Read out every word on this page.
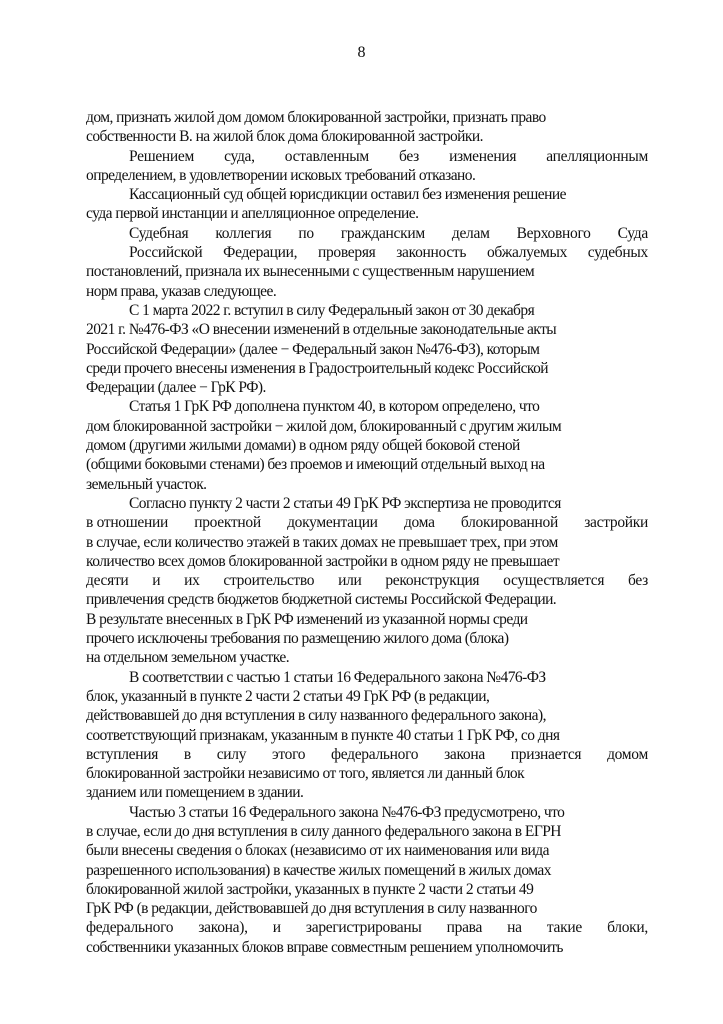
8
дом, признать жилой дом домом блокированной застройки, признать право
собственности В. на жилой блок дома блокированной застройки.
Решением суда, оставленным без изменения апелляционным
определением, в удовлетворении исковых требований отказано.
Кассационный суд общей юрисдикции оставил без изменения решение
суда первой инстанции и апелляционное определение.
Судебная коллегия по гражданским делам Верховного Суда
Российской Федерации, проверяя законность обжалуемых судебных
постановлений, признала их вынесенными с существенным нарушением
норм права, указав следующее.
С 1 марта 2022 г. вступил в силу Федеральный закон от 30 декабря
2021 г. №476-ФЗ «О внесении изменений в отдельные законодательные акты
Российской Федерации» (далее − Федеральный закон №476-ФЗ), которым
среди прочего внесены изменения в Градостроительный кодекс Российской
Федерации (далее − ГрК РФ).
Статья 1 ГрК РФ дополнена пунктом 40, в котором определено, что
дом блокированной застройки − жилой дом, блокированный с другим жилым
домом (другими жилыми домами) в одном ряду общей боковой стеной
(общими боковыми стенами) без проемов и имеющий отдельный выход на
земельный участок.
Согласно пункту 2 части 2 статьи 49 ГрК РФ экспертиза не проводится
в отношении проектной документации дома блокированной застройки
в случае, если количество этажей в таких домах не превышает трех, при этом
количество всех домов блокированной застройки в одном ряду не превышает
десяти и их строительство или реконструкция осуществляется без
привлечения средств бюджетов бюджетной системы Российской Федерации.
В результате внесенных в ГрК РФ изменений из указанной нормы среди
прочего исключены требования по размещению жилого дома (блока)
на отдельном земельном участке.
В соответствии с частью 1 статьи 16 Федерального закона №476-ФЗ
блок, указанный в пункте 2 части 2 статьи 49 ГрК РФ (в редакции,
действовавшей до дня вступления в силу названного федерального закона),
соответствующий признакам, указанным в пункте 40 статьи 1 ГрК РФ, со дня
вступления в силу этого федерального закона признается домом
блокированной застройки независимо от того, является ли данный блок
зданием или помещением в здании.
Частью 3 статьи 16 Федерального закона №476-ФЗ предусмотрено, что
в случае, если до дня вступления в силу данного федерального закона в ЕГРН
были внесены сведения о блоках (независимо от их наименования или вида
разрешенного использования) в качестве жилых помещений в жилых домах
блокированной жилой застройки, указанных в пункте 2 части 2 статьи 49
ГрК РФ (в редакции, действовавшей до дня вступления в силу названного
федерального закона), и зарегистрированы права на такие блоки,
собственники указанных блоков вправе совместным решением уполномочить
